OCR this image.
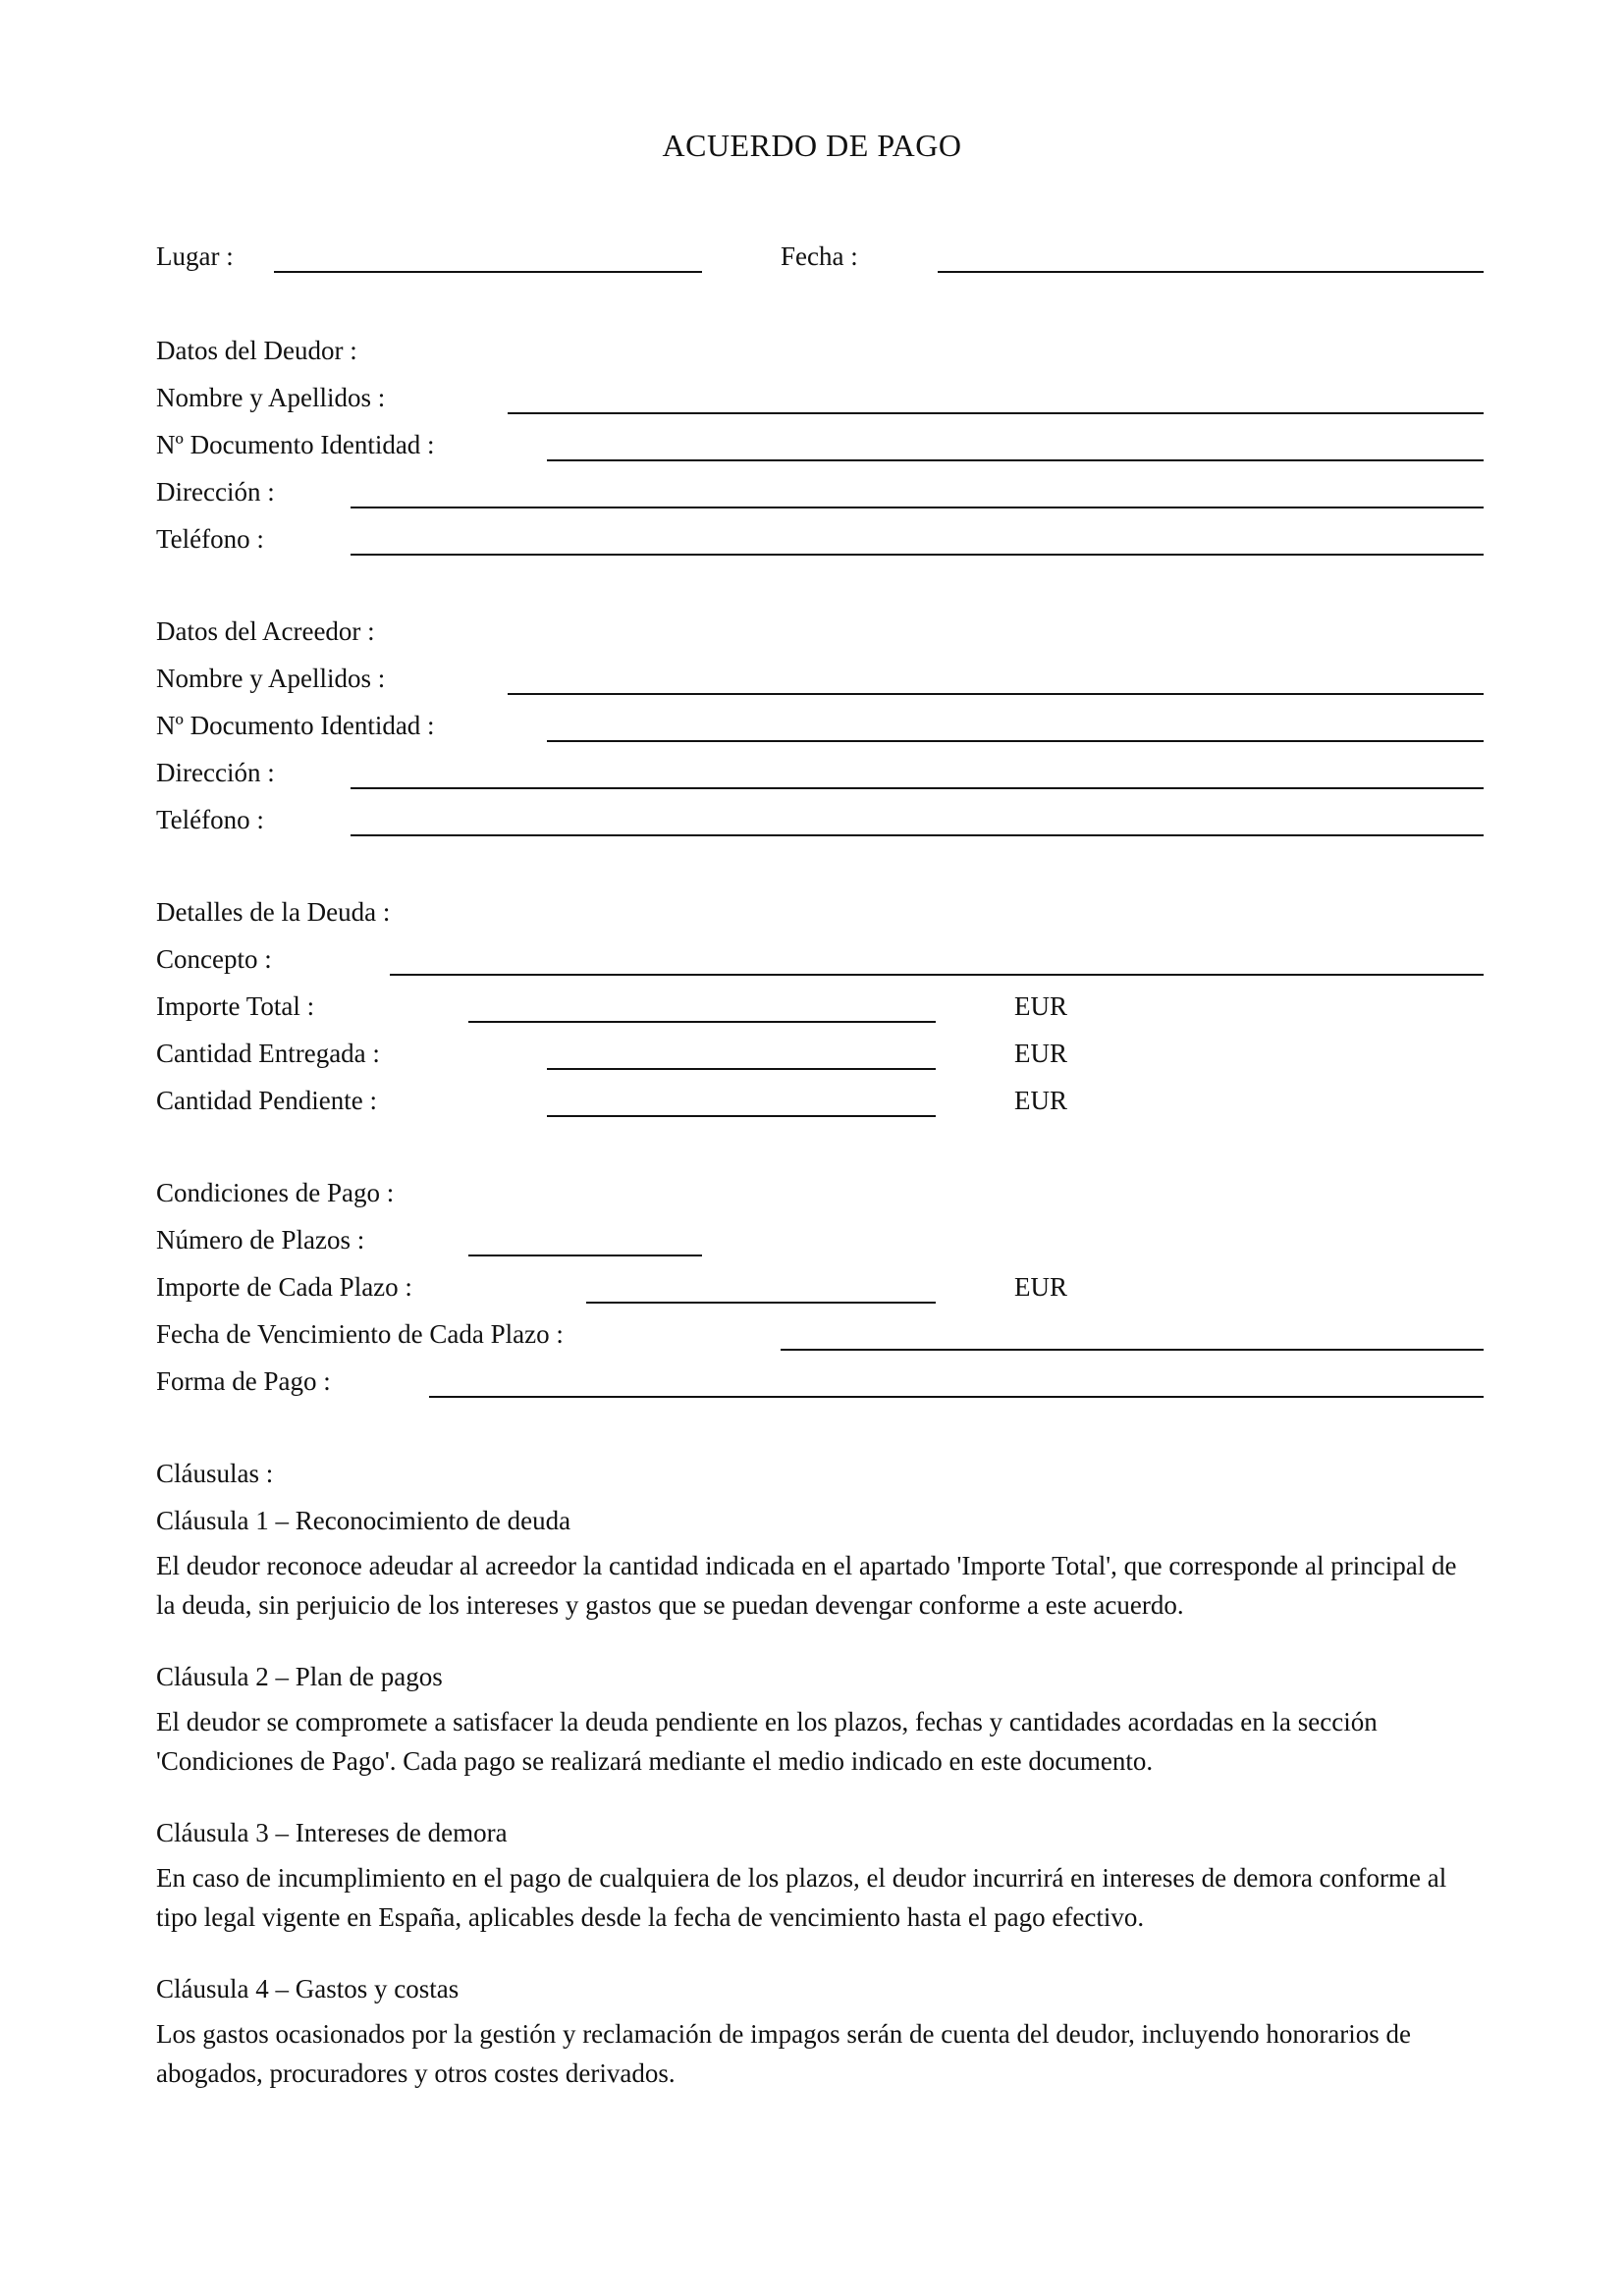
ACUERDO DE PAGO
Lugar :	Fecha :
Datos del Deudor :
Nombre y Apellidos :
Nº Documento Identidad :
Dirección :
Teléfono :
Datos del Acreedor :
Nombre y Apellidos :
Nº Documento Identidad :
Dirección :
Teléfono :
Detalles de la Deuda :
Concepto :
Importe Total :	EUR
Cantidad Entregada :	EUR
Cantidad Pendiente :	EUR
Condiciones de Pago :
Número de Plazos :
Importe de Cada Plazo :	EUR
Fecha de Vencimiento de Cada Plazo :
Forma de Pago :
Cláusulas :
Cláusula 1 – Reconocimiento de deuda
El deudor reconoce adeudar al acreedor la cantidad indicada en el apartado 'Importe Total', que corresponde al principal de la deuda, sin perjuicio de los intereses y gastos que se puedan devengar conforme a este acuerdo.
Cláusula 2 – Plan de pagos
El deudor se compromete a satisfacer la deuda pendiente en los plazos, fechas y cantidades acordadas en la sección 'Condiciones de Pago'. Cada pago se realizará mediante el medio indicado en este documento.
Cláusula 3 – Intereses de demora
En caso de incumplimiento en el pago de cualquiera de los plazos, el deudor incurrirá en intereses de demora conforme al tipo legal vigente en España, aplicables desde la fecha de vencimiento hasta el pago efectivo.
Cláusula 4 – Gastos y costas
Los gastos ocasionados por la gestión y reclamación de impagos serán de cuenta del deudor, incluyendo honorarios de abogados, procuradores y otros costes derivados.
